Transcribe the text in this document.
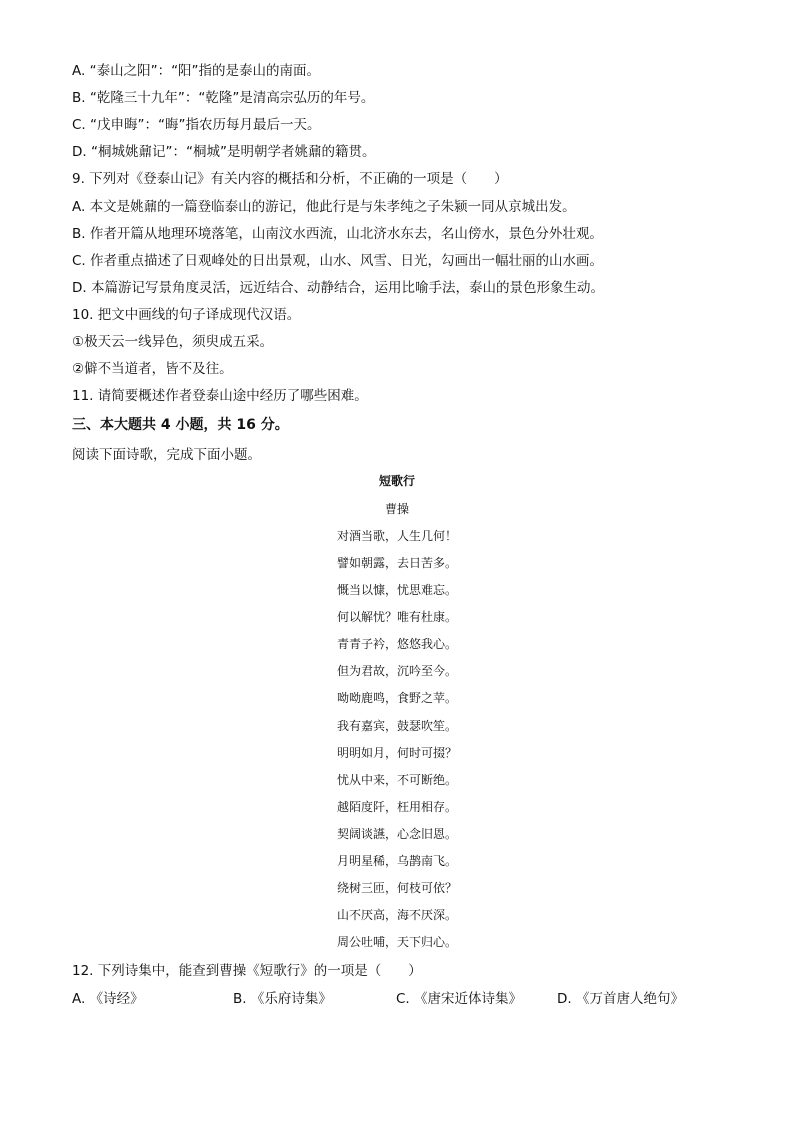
A. “泰山之阳”：“阳”指的是泰山的南面。
B. “乾隆三十九年”：“乾隆”是清高宗弘历的年号。
C. “戊申晦”：“晦”指农历每月最后一天。
D. “桐城姚鼐记”：“桐城”是明朝学者姚鼐的籍贯。
9. 下列对《登泰山记》有关内容的概括和分析，不正确的一项是（　　）
A. 本文是姚鼐的一篇登临泰山的游记，他此行是与朱孝纯之子朱颍一同从京城出发。
B. 作者开篇从地理环境落笔，山南汶水西流，山北济水东去，名山傍水，景色分外壮观。
C. 作者重点描述了日观峰处的日出景观，山水、风雪、日光，勾画出一幅壮丽的山水画。
D. 本篇游记写景角度灵活，远近结合、动静结合，运用比喻手法，泰山的景色形象生动。
10. 把文中画线的句子译成现代汉语。
①极天云一线异色，须臾成五采。
②僻不当道者，皆不及往。
11. 请简要概述作者登泰山途中经历了哪些困难。
三、本大题共 4 小题，共 16 分。
阅读下面诗歌，完成下面小题。
短歌行
曹操
对酒当歌，人生几何！
譬如朝露，去日苦多。
慨当以慷，忧思难忘。
何以解忧？唯有杜康。
青青子衿，悠悠我心。
但为君故，沉吟至今。
呦呦鹿鸣，食野之苹。
我有嘉宾，鼓瑟吹笙。
明明如月，何时可掇？
忧从中来，不可断绝。
越陌度阡，枉用相存。
契阔谈讌，心念旧恩。
月明星稀，乌鹊南飞。
绕树三匝，何枝可依？
山不厌高，海不厌深。
周公吐哺，天下归心。
12. 下列诗集中，能查到曹操《短歌行》的一项是（　　）
A. 《诗经》	B. 《乐府诗集》	C. 《唐宋近体诗集》	D. 《万首唐人绝句》
